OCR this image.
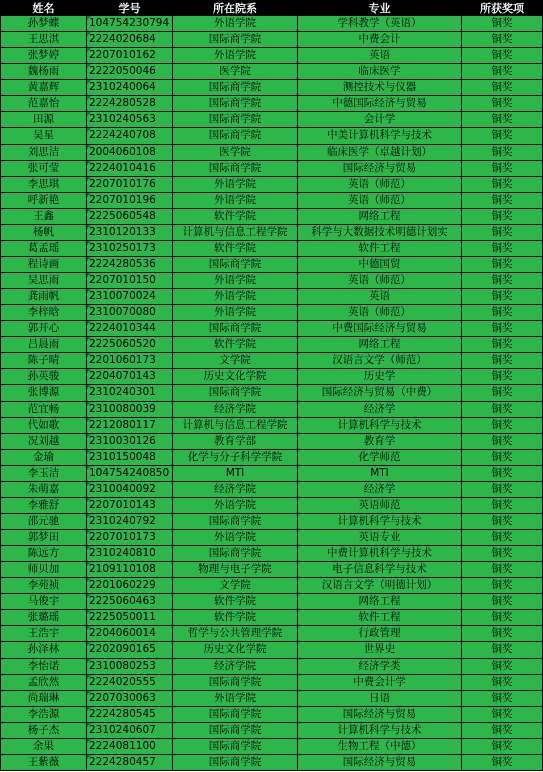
姓名	学号	所在院系	专业	所获奖项
孙梦蝶	104754230794	外语学院	学科教学（英语）	铜奖
王思淇	2224020684	国际商学院	中费会计	铜奖
张梦婷	2207010162	外语学院	英语	铜奖
魏杨雨	2222050046	医学院	临床医学	铜奖
黄嘉辉	2310240064	国际商学院	测控技术与仪器	铜奖
范嘉怡	2224280528	国际商学院	中德国际经济与贸易	铜奖
田源	2310240563	国际商学院	会计学	铜奖
吴星	2224240708	国际商学院	中美计算机科学与技术	铜奖
刘思洁	2004060108	医学院	临床医学（卓越计划）	铜奖
张可莹	2224010416	国际商学院	国际经济与贸易	铜奖
李思琪	2207010176	外语学院	英语（师范）	铜奖
呼新艳	2207010196	外语学院	英语（师范）	铜奖
王鑫	2225060548	软件学院	网络工程	铜奖
杨帆	2310120133	计算机与信息工程学院	科学与大数据技术明德计划实	铜奖
葛孟瑶	2310250173	软件学院	软件工程	铜奖
程诗画	2224280536	国际商学院	中德国贸	铜奖
吴思雨	2207010150	外语学院	英语（师范）	铜奖
龚雨帆	2310070024	外语学院	英语	铜奖
李梓晗	2310070080	外语学院	英语（师范）	铜奖
郭开心	2224010344	国际商学院	中费国际经济与贸易	铜奖
吕晨雨	2225060520	软件学院	网络工程	铜奖
陈子晴	2201060173	文学院	汉语言文学（师范）	铜奖
孙英骏	2204070143	历史文化学院	历史学	铜奖
张博源	2310240301	国际商学院	国际经济与贸易（中费）	铜奖
范宜畅	2310080039	经济学院	经济学	铜奖
代如歌	2212080117	计算机与信息工程学院	计算机科学与技术	铜奖
况刘越	2310030126	教育学部	教育学	铜奖
金瑜	2310150048	化学与分子科学学院	化学师范	铜奖
李玉洁	104754240850	MTI	MTI	铜奖
朱萌嘉	2310040092	经济学院	经济学	铜奖
李雅舒	2207010143	外语学院	英语师范	铜奖
邵元驰	2310240792	国际商学院	计算机科学与技术	铜奖
郭梦田	2207010173	外语学院	英语专业	铜奖
陈远方	2310240810	国际商学院	中费计算机科学与技术	铜奖
师贝加	2109110108	物理与电子学院	电子信息科学与技术	铜奖
李苑祯	2201060229	文学院	汉语言文学（明德计划）	铜奖
马俊宇	2225060463	软件学院	网络工程	铜奖
张璐瑶	2225050011	软件学院	软件工程	铜奖
王浩宇	2204060014	哲学与公共管理学院	行政管理	铜奖
孙泽林	2202090165	历史文化学院	世界史	铜奖
李怡诺	2310080253	经济学院	经济学类	铜奖
孟欣然	2224020555	国际商学院	中费会计学	铜奖
尚瑞琳	2207030063	外语学院	日语	铜奖
李浩源	2224280545	国际商学院	国际经济与贸易	铜奖
杨子杰	2310240607	国际商学院	计算机科学与技术	铜奖
余果	2224081100	国际商学院	生物工程（中德）	铜奖
王紫薇	2224280457	国际商学院	国际经济与贸易	铜奖
